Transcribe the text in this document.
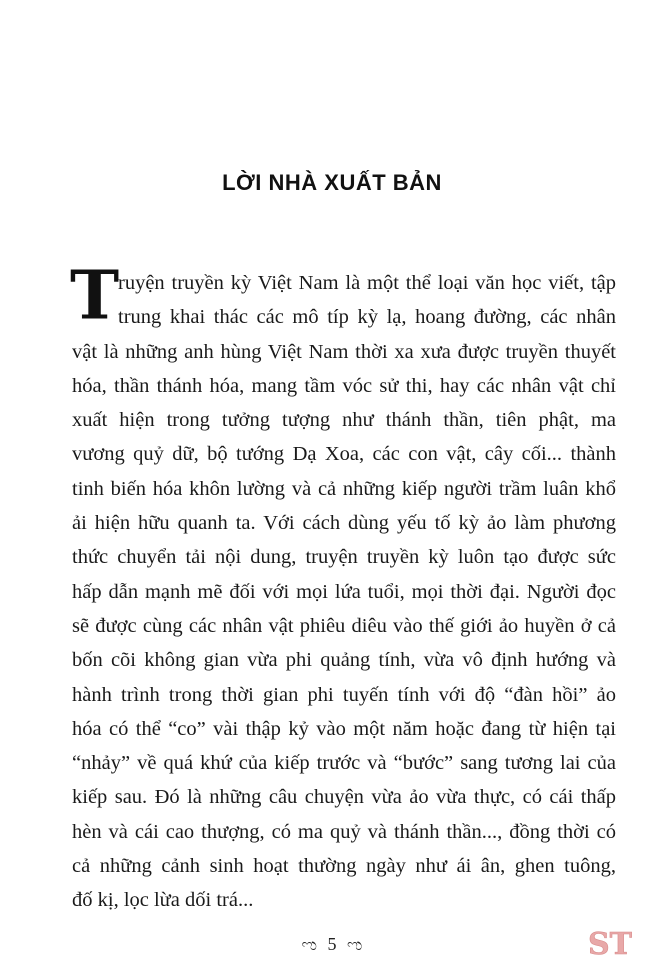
LỜI NHÀ XUẤT BẢN
T
ruyện truyền kỳ Việt Nam là một thể loại văn học viết, tập
trung khai thác các mô típ kỳ lạ, hoang đường, các nhân
vật là những anh hùng Việt Nam thời xa xưa được truyền thuyết
hóa, thần thánh hóa, mang tầm vóc sử thi, hay các nhân vật chỉ
xuất hiện trong tưởng tượng như thánh thần, tiên phật, ma
vương quỷ dữ, bộ tướng Dạ Xoa, các con vật, cây cối... thành
tinh biến hóa khôn lường và cả những kiếp người trầm luân khổ
ải hiện hữu quanh ta. Với cách dùng yếu tố kỳ ảo làm phương
thức chuyển tải nội dung, truyện truyền kỳ luôn tạo được sức
hấp dẫn mạnh mẽ đối với mọi lứa tuổi, mọi thời đại. Người đọc
sẽ được cùng các nhân vật phiêu diêu vào thế giới ảo huyền ở cả
bốn cõi không gian vừa phi quảng tính, vừa vô định hướng và
hành trình trong thời gian phi tuyến tính với độ “đàn hồi” ảo
hóa có thể “co” vài thập kỷ vào một năm hoặc đang từ hiện tại
“nhảy” về quá khứ của kiếp trước và “bước” sang tương lai của
kiếp sau. Đó là những câu chuyện vừa ảo vừa thực, có cái thấp
hèn và cái cao thượng, có ma quỷ và thánh thần..., đồng thời có
cả những cảnh sinh hoạt thường ngày như ái ân, ghen tuông,
đố kị, lọc lừa dối trá...
ಌ 5 ಌ	ST
